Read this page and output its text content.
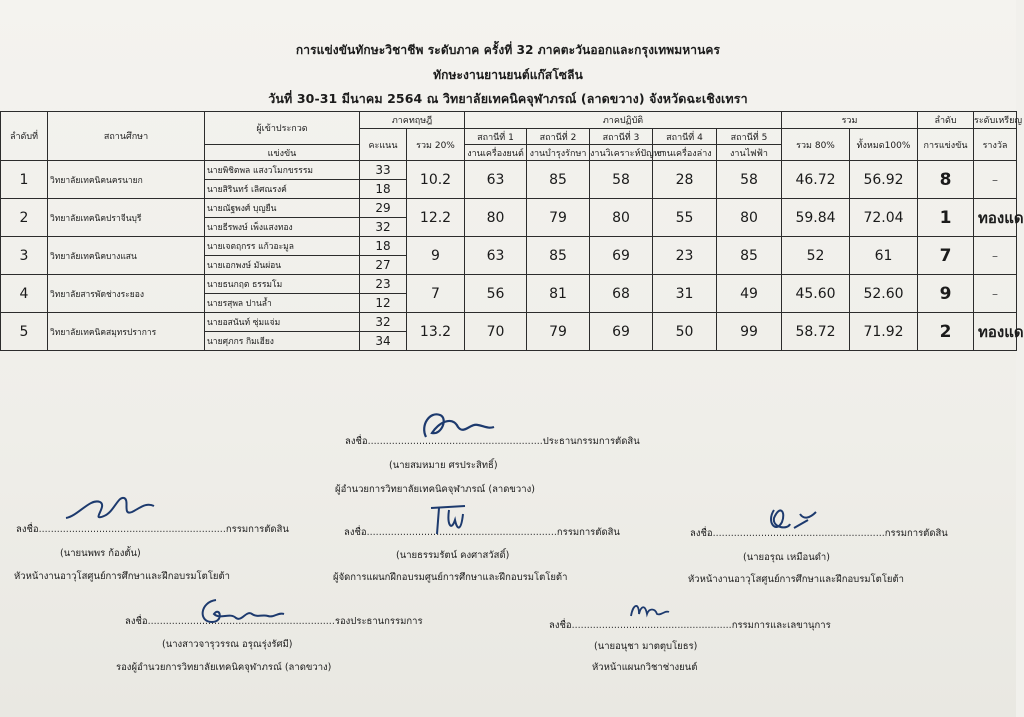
การแข่งขันทักษะวิชาชีพ ระดับภาค ครั้งที่ 32 ภาคตะวันออกและกรุงเทพมหานคร
ทักษะงานยานยนต์แก๊สโซลีน
วันที่ 30-31 มีนาคม 2564 ณ วิทยาลัยเทคนิคจุฬาภรณ์ (ลาดขวาง) จังหวัดฉะเชิงเทรา
ลำดับที่	สถานศึกษา	ผู้เข้าประกวด	ภาคทฤษฎี		ภาคปฏิบัติ					รวม		ลำดับ	ระดับเหรียญ
			คะแนน	รวม 20%	สถานีที่ 1	สถานีที่ 2	สถานีที่ 3	สถานีที่ 4	สถานีที่ 5	รวม 80%	ทั้งหมด100%	การแข่งขัน	รางวัล
		แข่งขัน			งานเครื่องยนต์	งานบำรุงรักษา	งานวิเคราะห์ปัญหา	งานเครื่องล่าง	งานไฟฟ้า				
1	วิทยาลัยเทคนิคนครนายก	นายพิชิตพล แสงวโมกขรรรม	33	10.2	63	85	58	28	58	46.72	56.92	8	–
		นายสิรินทร์ เลิศณรงค์	18										
2	วิทยาลัยเทคนิคปราจีนบุรี	นายณัฐพงศ์ บุญยืน	29	12.2	80	79	80	55	80	59.84	72.04	1	ทองแด
		นายธีรพงษ์ เพ็งแสงทอง	32										
3	วิทยาลัยเทคนิคบางแสน	นายเจตฤกรร แก้วอะมูล	18	9	63	85	69	23	85	52	61	7	–
		นายเอกพงษ์ มันผ่อน	27										
4	วิทยาลัยสารพัดช่างระยอง	นายธนกฤต ธรรมโม	23	7	56	81	68	31	49	45.60	52.60	9	–
		นายรสุพล ปานล้ำ	12										
5	วิทยาลัยเทคนิคสมุทรปราการ	นายอสนันท์ ซุ่มแจ่ม	32	13.2	70	79	69	50	99	58.72	71.92	2	ทองแด
		นายศุภกร กิมเฮียง	34										
ลงชื่อ..........................................................ประธานกรรมการตัดสิน
(นายสมหมาย ศรประสิทธิ์)
ผู้อำนวยการวิทยาลัยเทคนิคจุฬาภรณ์ (ลาดขวาง)
ลงชื่อ..............................................................กรรมการตัดสิน
(นายนพพร ก้องตั้น)
หัวหน้างานอาวุโสศูนย์การศึกษาและฝึกอบรมโตโยต้า
ลงชื่อ...............................................................กรรมการตัดสิน
(นายธรรมรัตน์ คงศาสวัสดิ์)
ผู้จัดการแผนกฝึกอบรมศูนย์การศึกษาและฝึกอบรมโตโยต้า
ลงชื่อ.........................................................กรรมการตัดสิน
(นายอรุณ เหมือนดำ)
หัวหน้างานอาวุโสศูนย์การศึกษาและฝึกอบรมโตโยต้า
ลงชื่อ..............................................................รองประธานกรรมการ
(นางสาวจารุวรรณ อรุณรุ่งรัศมี)
รองผู้อำนวยการวิทยาลัยเทคนิคจุฬาภรณ์ (ลาดขวาง)
ลงชื่อ.....................................................กรรมการและเลขานุการ
(นายอนุชา มาตตุบโยธร)
หัวหน้าแผนกวิชาช่างยนต์
